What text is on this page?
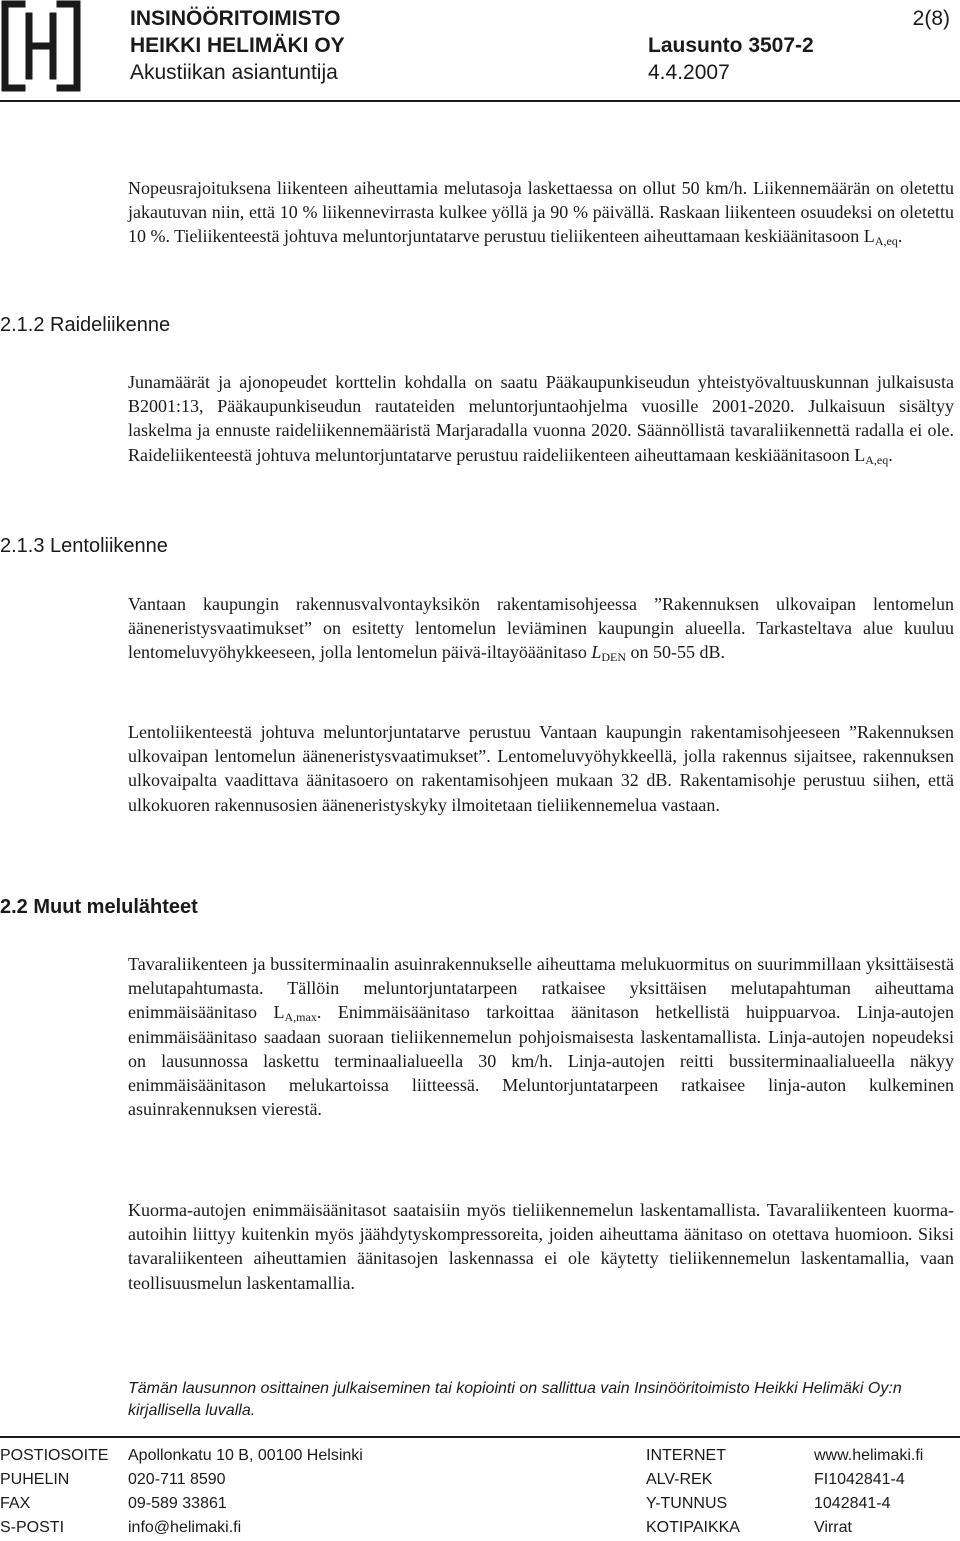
INSINÖÖRITOIMISTO
HEIKKI HELIMÄKI OY
Akustiikan asiantuntija
Lausunto 3507-2
4.4.2007
2(8)
2.1.2 Raideliikenne
2.1.3 Lentoliikenne
2.2 Muut melulähteet

Nopeusrajoituksena liikenteen aiheuttamia melutasoja laskettaessa on ollut 50 km/h. Liikennemäärän on oletettu jakautuvan niin, että 10 % liikennevirrasta kulkee yöllä ja 90 % päivällä. Raskaan liikenteen osuudeksi on oletettu 10 %. Tieliikenteestä johtuva meluntorjuntatarve perustuu tieliikenteen aiheuttamaan keskiäänitasoon $L_{A,eq}$.

Junamäärät ja ajonopeudet korttelin kohdalla on saatu Pääkaupunkiseudun yhteistyövaltuuskunnan julkaisusta B2001:13, Pääkaupunkiseudun rautateiden meluntorjuntaohjelma vuosille 2001-2020. Julkaisuun sisältyy laskelma ja ennuste raideliikennemääristä Marjaradalla vuonna 2020. Säännöllistä tavaraliikennettä radalla ei ole. Raideliikenteestä johtuva meluntorjuntatarve perustuu raideliikenteen aiheuttamaan keskiäänitasoon $L_{A,eq}$.

Vantaan kaupungin rakennusvalvontayksikön rakentamisohjeessa ”Rakennuksen ulkovaipan lentomelun ääneneristysvaatimukset” on esitetty lentomelun leviäminen kaupungin alueella. Tarkasteltava alue kuuluu lentomeluvyöhykkeeseen, jolla lentomelun päivä-iltayöäänitaso $L_{DEN}$ on 50-55 dB.

Lentoliikenteestä johtuva meluntorjuntatarve perustuu Vantaan kaupungin rakentamisohjeeseen ”Rakennuksen ulkovaipan lentomelun ääneneristysvaatimukset”. Lentomeluvyöhykkeellä, jolla rakennus sijaitsee, rakennuksen ulkovaipalta vaadittava äänitasoero on rakentamisohjeen mukaan 32 dB. Rakentamisohje perustuu siihen, että ulkokuoren rakennusosien ääneneristyskyky ilmoitetaan tieliikennemelua vastaan.

Tavaraliikenteen ja bussiterminaalin asuinrakennukselle aiheuttama melukuormitus on suurimmillaan yksittäisestä melutapahtumasta. Tällöin meluntorjuntatarpeen ratkaisee yksittäisen melutapahtuman aiheuttama enimmäisäänitaso $L_{A,max}$. Enimmäisäänitaso tarkoittaa äänitason hetkellistä huippuarvoa. Linja-autojen enimmäisäänitaso saadaan suoraan tieliikennemelun pohjoismaisesta laskentamallista. Linja-autojen nopeudeksi on lausunnossa laskettu terminaalialueella 30 km/h. Linja-autojen reitti bussiterminaalialueella näkyy enimmäisäänitason melukartoissa liitteessä. Meluntorjuntatarpeen ratkaisee linja-auton kulkeminen asuinrakennuksen vierestä.

Kuorma-autojen enimmäisäänitasot saataisiin myös tieliikennemelun laskentamallista. Tavaraliikenteen kuorma-autoihin liittyy kuitenkin myös jäähdytyskompressoreita, joiden aiheuttama äänitaso on otettava huomioon. Siksi tavaraliikenteen aiheuttamien äänitasojen laskennassa ei ole käytetty tieliikennemelun laskentamallia, vaan teollisuusmelun laskentamallia.

Tämän lausunnon osittainen julkaiseminen tai kopiointi on sallittua vain Insinööritoimisto Heikki Helimäki Oy:n kirjallisella luvalla.

POSTIOSOITE Apollonkatu 10 B, 00100 Helsinki	INTERNET	www.helimaki.fi
PUHELIN	020-711 8590	ALV-REK	FI1042841-4
FAX	09-589 33861	Y-TUNNUS	1042841-4
S-POSTI	info@helimaki.fi	KOTIPAIKKA	Virrat
